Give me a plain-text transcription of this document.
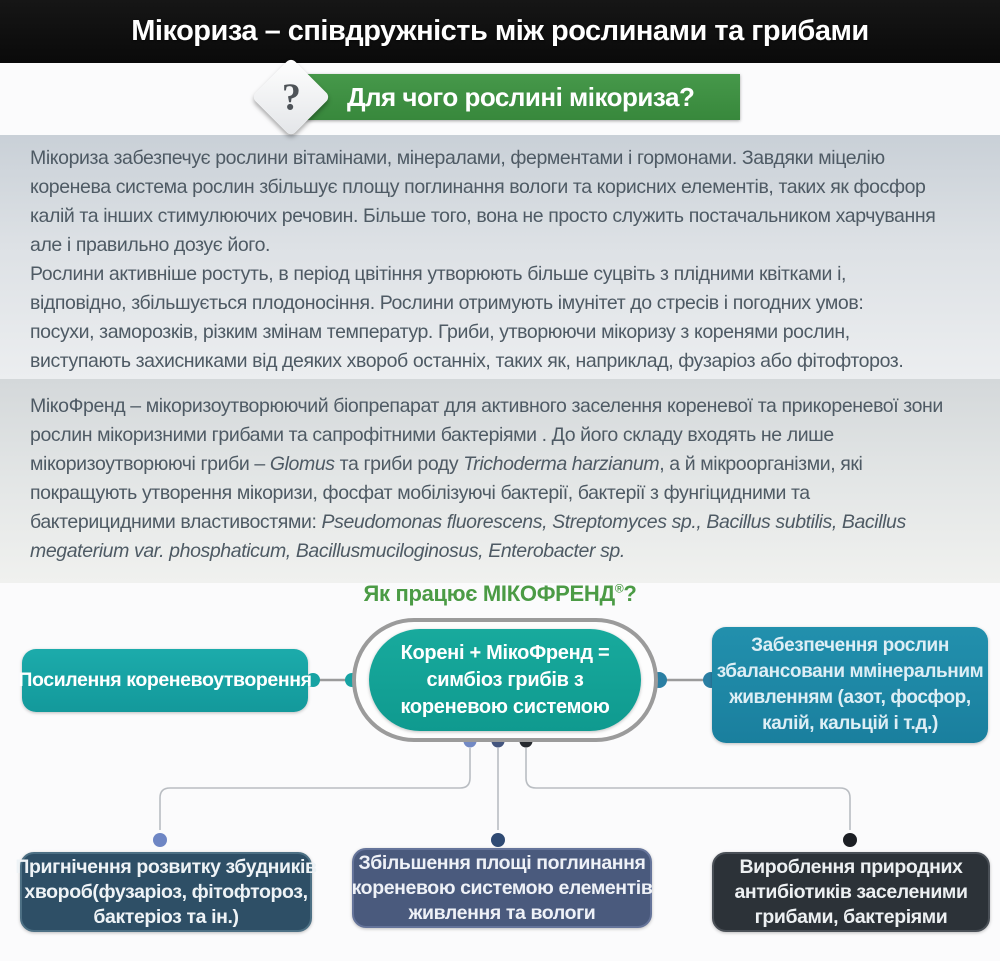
Мікориза – співдружність між рослинами та грибами
Для чого рослині мікориза?
?
Мікориза забезпечує рослини вітамінами, мінералами, ферментами і гормонами. Завдяки міцелію
коренева система рослин збільшує площу поглинання вологи та корисних елементів, таких як фосфор
калій та інших стимулюючих речовин. Більше того, вона не просто служить постачальником харчування
але і правильно дозує його.
Рослини активніше ростуть, в період цвітіння утворюють більше суцвіть з плідними квітками і,
відповідно, збільшується плодоносіння. Рослини отримують імунітет до стресів і погодних умов:
посухи, заморозків, різким змінам температур. Гриби, утворюючи мікоризу з коренями рослин,
виступають захисниками від деяких хвороб останніх, таких як, наприклад, фузаріоз або фітофтороз.
МікоФренд – мікоризоутворюючий біопрепарат для активного заселення кореневої та прикореневої зони
рослин мікоризними грибами та сапрофітними бактеріями . До його складу входять не лише
мікоризоутворюючі гриби – Glomus та гриби роду Trichoderma harzianum, а й мікроорганізми, які
покращують утворення мікоризи, фосфат мобілізуючі бактерії, бактерії з фунгіцидними та
бактерицидними властивостями: Pseudomonas fluorescens, Streptomyces sp., Bacillus subtilis, Bacillus
megaterium var. phosphaticum, Bacillusmuciloginosus, Enterobacter sp.
Як працює МІКОФРЕНД®?
Корені + МікоФренд =
симбіоз грибів з
кореневою системою
Посилення кореневоутворення
Забезпечення рослин
збалансовани ммінеральним
живленням (азот, фосфор,
калій, кальцій і т.д.)
Пригнічення розвитку збудників
хвороб(фузаріоз, фітофтороз,
бактеріоз та ін.)
Збільшення площі поглинання
кореневою системою елементів
живлення та вологи
Вироблення природних
антибіотиків заселеними
грибами, бактеріями
